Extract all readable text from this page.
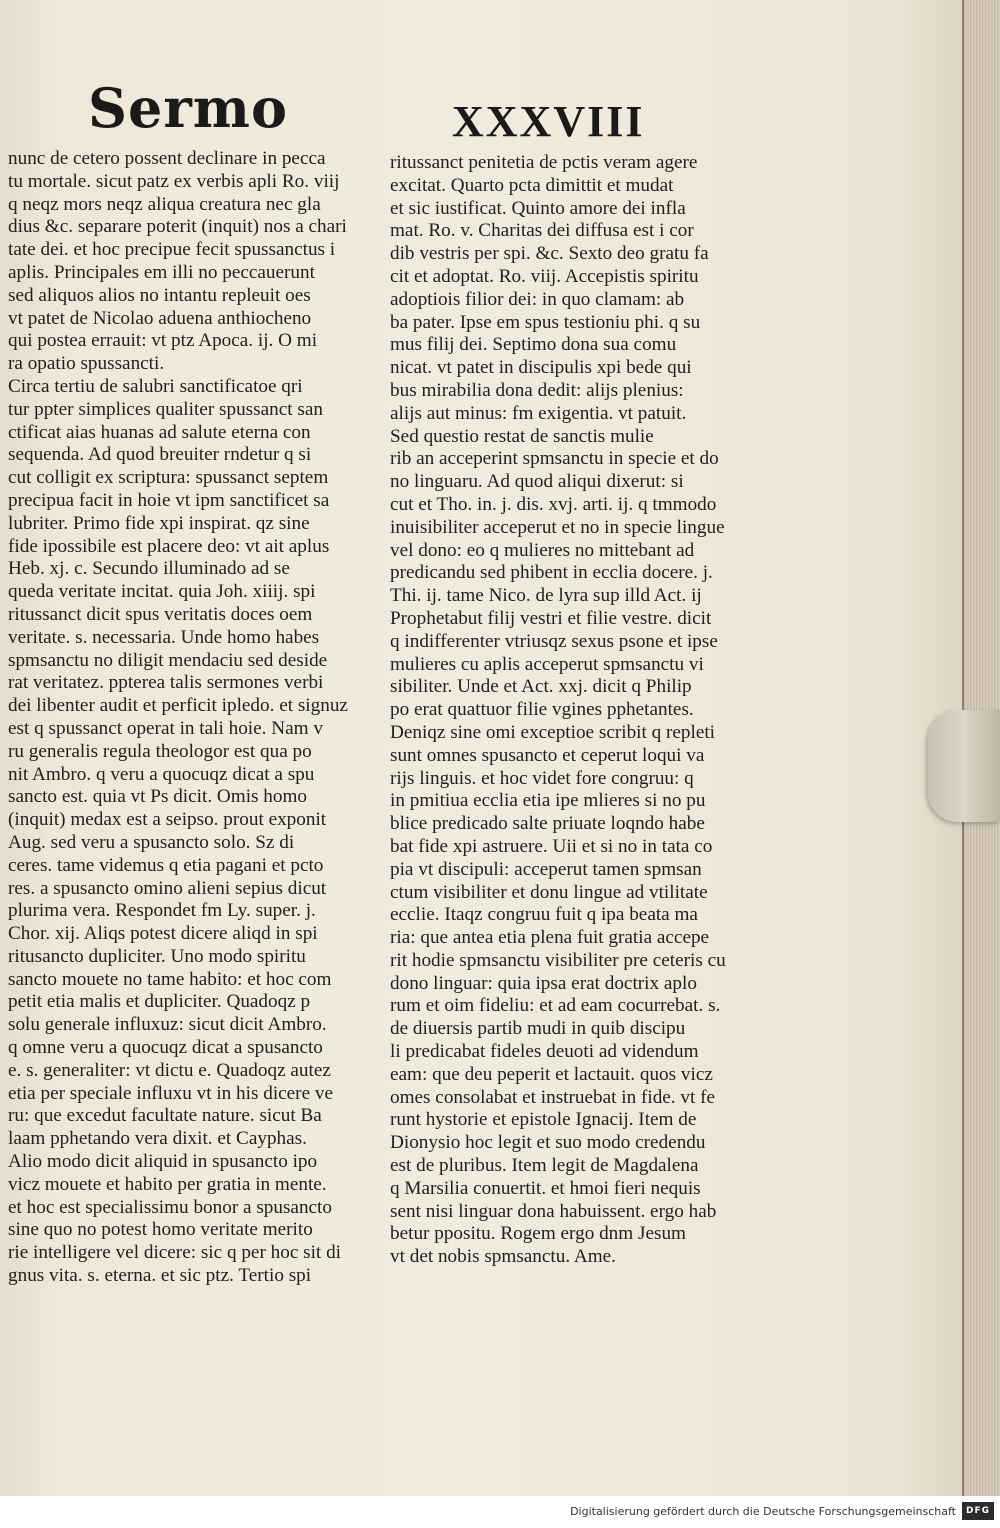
Sermo	XXXVIII
nunc de cetero possent declinare in pecca
tu mortale. sicut patz ex verbis apli Ro. viij
q neqz mors neqz aliqua creatura nec gla
dius &c. separare poterit (inquit) nos a chari
tate dei. et hoc precipue fecit spussanctus i
aplis. Principales em illi no peccauerunt
sed aliquos alios no intantu repleuit oes
vt patet de Nicolao aduena anthiocheno
qui postea errauit: vt ptz Apoca. ij. O mi
ra opatio spussancti.
Circa tertiu de salubri sanctificatoe qri
tur ppter simplices qualiter spussanct san
ctificat aias huanas ad salute eterna con
sequenda. Ad quod breuiter rndetur q si
cut colligit ex scriptura: spussanct septem
precipua facit in hoie vt ipm sanctificet sa
lubriter. Primo fide xpi inspirat. qz sine
fide ipossibile est placere deo: vt ait aplus
Heb. xj. c. Secundo illuminado ad se
queda veritate incitat. quia Joh. xiiij. spi
ritussanct dicit spus veritatis doces oem
veritate. s. necessaria. Unde homo habes
spmsanctu no diligit mendaciu sed deside
rat veritatez. ppterea talis sermones verbi
dei libenter audit et perficit ipledo. et signuz
est q spussanct operat in tali hoie. Nam v
ru generalis regula theologor est qua po
nit Ambro. q veru a quocuqz dicat a spu
sancto est. quia vt Ps dicit. Omis homo
(inquit) medax est a seipso. prout exponit
Aug. sed veru a spusancto solo. Sz di
ceres. tame videmus q etia pagani et pcto
res. a spusancto omino alieni sepius dicut
plurima vera. Respondet fm Ly. super. j.
Chor. xij. Aliqs potest dicere aliqd in spi
ritusancto dupliciter. Uno modo spiritu
sancto mouete no tame habito: et hoc com
petit etia malis et dupliciter. Quadoqz p
solu generale influxuz: sicut dicit Ambro.
q omne veru a quocuqz dicat a spusancto
e. s. generaliter: vt dictu e. Quadoqz autez
etia per speciale influxu vt in his dicere ve
ru: que excedut facultate nature. sicut Ba
laam pphetando vera dixit. et Cayphas.
Alio modo dicit aliquid in spusancto ipo
vicz mouete et habito per gratia in mente.
et hoc est specialissimu bonor a spusancto
sine quo no potest homo veritate merito
rie intelligere vel dicere: sic q per hoc sit di
gnus vita. s. eterna. et sic ptz. Tertio spi
ritussanct penitetia de pctis veram agere
excitat. Quarto pcta dimittit et mudat
et sic iustificat. Quinto amore dei infla
mat. Ro. v. Charitas dei diffusa est i cor
dib vestris per spi. &c. Sexto deo gratu fa
cit et adoptat. Ro. viij. Accepistis spiritu
adoptiois filior dei: in quo clamam: ab
ba pater. Ipse em spus testioniu phi. q su
mus filij dei. Septimo dona sua comu
nicat. vt patet in discipulis xpi bede qui
bus mirabilia dona dedit: alijs plenius:
alijs aut minus: fm exigentia. vt patuit.
Sed questio restat de sanctis mulie
rib an acceperint spmsanctu in specie et do
no linguaru. Ad quod aliqui dixerut: si
cut et Tho. in. j. dis. xvj. arti. ij. q tmmodo
inuisibiliter acceperut et no in specie lingue
vel dono: eo q mulieres no mittebant ad
predicandu sed phibent in ecclia docere. j.
Thi. ij. tame Nico. de lyra sup illd Act. ij
Prophetabut filij vestri et filie vestre. dicit
q indifferenter vtriusqz sexus psone et ipse
mulieres cu aplis acceperut spmsanctu vi
sibiliter. Unde et Act. xxj. dicit q Philip
po erat quattuor filie vgines pphetantes.
Deniqz sine omi exceptioe scribit q repleti
sunt omnes spusancto et ceperut loqui va
rijs linguis. et hoc videt fore congruu: q
in pmitiua ecclia etia ipe mlieres si no pu
blice predicado salte priuate loqndo habe
bat fide xpi astruere. Uii et si no in tata co
pia vt discipuli: acceperut tamen spmsan
ctum visibiliter et donu lingue ad vtilitate
ecclie. Itaqz congruu fuit q ipa beata ma
ria: que antea etia plena fuit gratia accepe
rit hodie spmsanctu visibiliter pre ceteris cu
dono linguar: quia ipsa erat doctrix aplo
rum et oim fideliu: et ad eam cocurrebat. s.
de diuersis partib mudi in quib discipu
li predicabat fideles deuoti ad videndum
eam: que deu peperit et lactauit. quos vicz
omes consolabat et instruebat in fide. vt fe
runt hystorie et epistole Ignacij. Item de
Dionysio hoc legit et suo modo credendu
est de pluribus. Item legit de Magdalena
q Marsilia conuertit. et hmoi fieri nequis
sent nisi linguar dona habuissent. ergo hab
betur ppositu. Rogem ergo dnm Jesum
vt det nobis spmsanctu. Ame.
Digitalisierung gefördert durch die Deutsche Forschungsgemeinschaft	DFG
